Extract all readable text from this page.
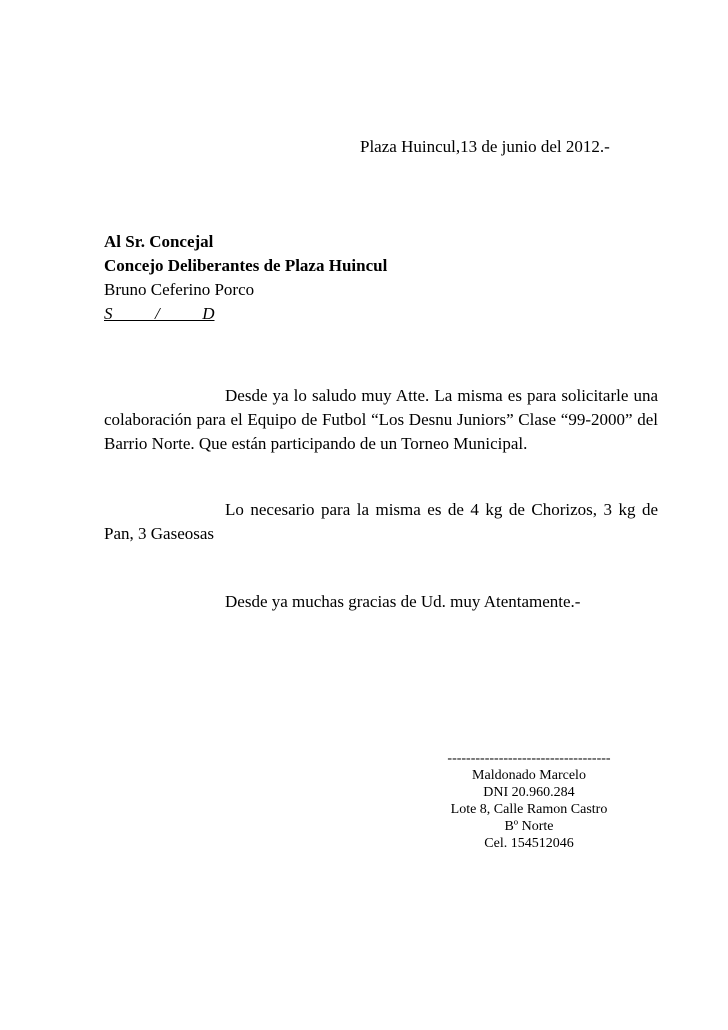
Plaza Huincul,13 de junio del 2012.-
Al Sr. Concejal
Concejo Deliberantes de Plaza Huincul
Bruno Ceferino Porco
S          /          D
Desde ya lo saludo muy Atte. La misma es para solicitarle una colaboración para el Equipo de Futbol “Los Desnu Juniors” Clase “99-2000” del Barrio Norte. Que están participando de un Torneo Municipal.
Lo necesario para la misma es de 4 kg de Chorizos, 3 kg de Pan, 3 Gaseosas
Desde ya muchas gracias de Ud. muy Atentamente.-
-----------------------------------
Maldonado Marcelo
DNI 20.960.284
Lote 8, Calle Ramon Castro
Bº Norte
Cel. 154512046
